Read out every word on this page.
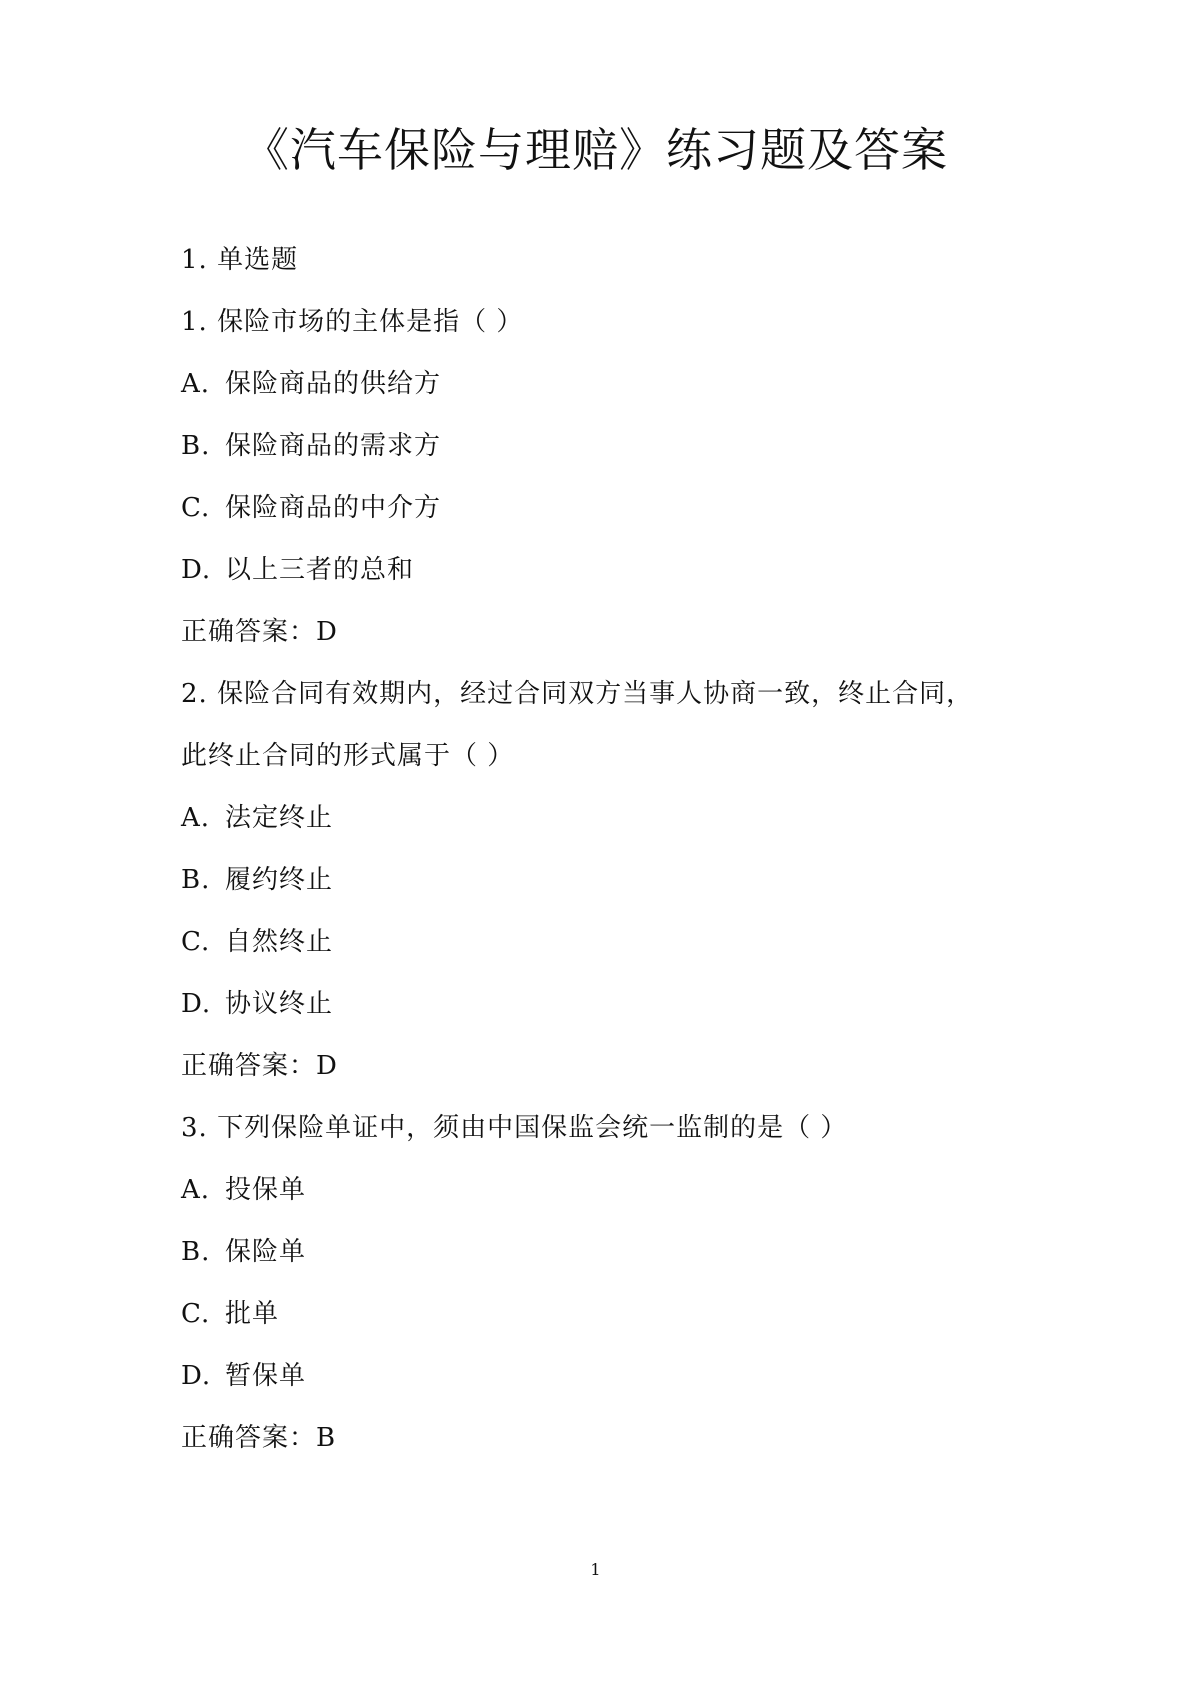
《汽车保险与理赔》练习题及答案
1. 单选题
1. 保险市场的主体是指（ ）
A. 保险商品的供给方
B. 保险商品的需求方
C. 保险商品的中介方
D. 以上三者的总和
正确答案：D
2. 保险合同有效期内，经过合同双方当事人协商一致，终止合同，
此终止合同的形式属于（ ）
A. 法定终止
B. 履约终止
C. 自然终止
D. 协议终止
正确答案：D
3. 下列保险单证中，须由中国保监会统一监制的是（ ）
A. 投保单
B. 保险单
C. 批单
D. 暂保单
正确答案：B
1
